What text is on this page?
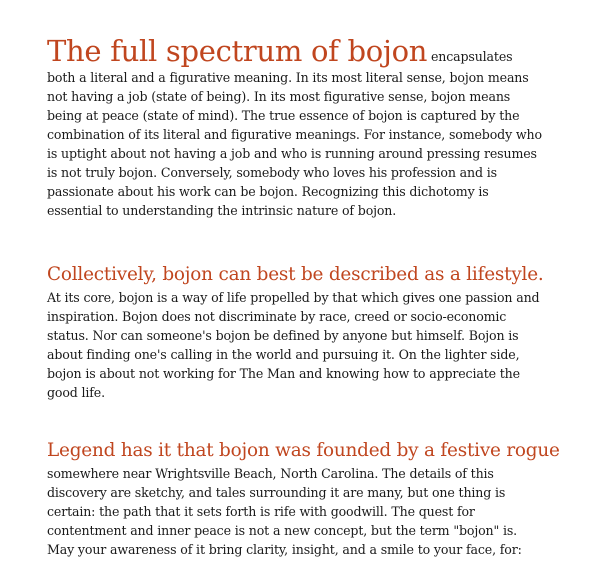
The full spectrum of bojon encapsulates both a literal and a figurative meaning. In its most literal sense, bojon means not having a job (state of being). In its most figurative sense, bojon means being at peace (state of mind). The true essence of bojon is captured by the combination of its literal and figurative meanings. For instance, somebody who is uptight about not having a job and who is running around pressing resumes is not truly bojon. Conversely, somebody who loves his profession and is passionate about his work can be bojon. Recognizing this dichotomy is essential to understanding the intrinsic nature of bojon.

Collectively, bojon can best be described as a lifestyle.

At its core, bojon is a way of life propelled by that which gives one passion and inspiration. Bojon does not discriminate by race, creed or socio-economic status. Nor can someone's bojon be defined by anyone but himself. Bojon is about finding one's calling in the world and pursuing it. On the lighter side, bojon is about not working for The Man and knowing how to appreciate the good life.

Legend has it that bojon was founded by a festive rogue

somewhere near Wrightsville Beach, North Carolina. The details of this discovery are sketchy, and tales surrounding it are many, but one thing is certain: the path that it sets forth is rife with goodwill. The quest for contentment and inner peace is not a new concept, but the term "bojon" is. May your awareness of it bring clarity, insight, and a smile to your face, for:
